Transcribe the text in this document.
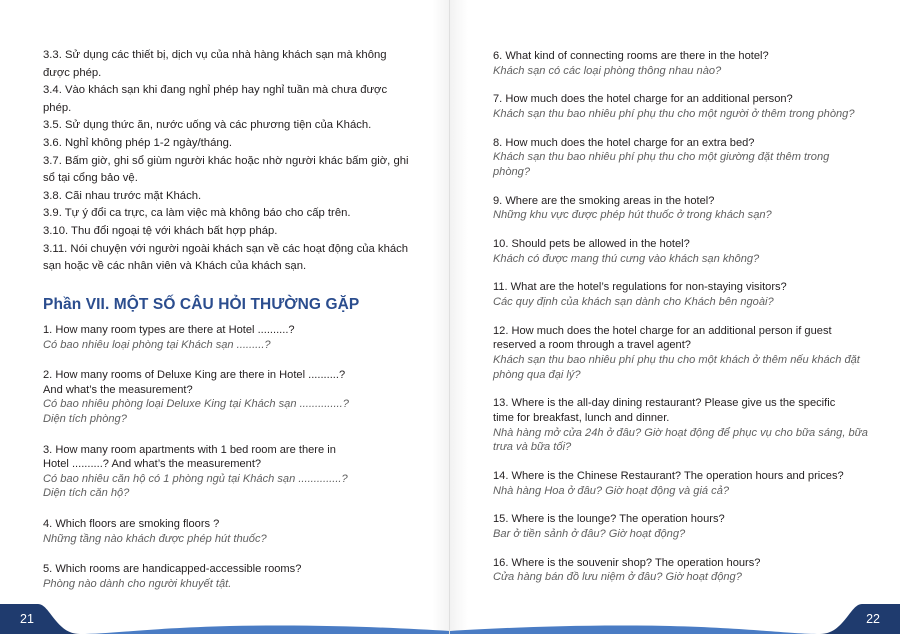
3.3. Sử dụng các thiết bị, dịch vụ của nhà hàng khách sạn mà không được phép.

3.4. Vào khách sạn khi đang nghỉ phép hay nghỉ tuần mà chưa được phép.

3.5. Sử dụng thức ăn, nước uống và các phương tiện của Khách.

3.6. Nghỉ không phép 1-2 ngày/tháng.

3.7. Bấm giờ, ghi sổ giùm người khác hoặc nhờ người khác bấm giờ, ghi sổ tại cổng bảo vệ.

3.8. Cãi nhau trước mặt Khách.

3.9. Tự ý đổi ca trực, ca làm việc mà không báo cho cấp trên.

3.10. Thu đổi ngoại tệ với khách bất hợp pháp.

3.11. Nói chuyện với người ngoài khách sạn về các hoạt động của khách sạn hoặc về các nhân viên và Khách của khách sạn.

Phần VII. MỘT SỐ CÂU HỎI THƯỜNG GẶP
1. How many room types are there at Hotel ..........?
Có bao nhiêu loại phòng tại Khách sạn .........?
2. How many rooms of Deluxe King are there in Hotel ..........?
And what’s the measurement?
Có bao nhiêu phòng loại Deluxe King tại Khách sạn ..............?
Diện tích phòng?
3. How many room apartments with 1 bed room are there in
Hotel ..........? And what’s the measurement?
Có bao nhiêu căn hộ có 1 phòng ngủ tại Khách sạn ..............?
Diện tích căn hộ?
4. Which floors are smoking floors ?
Những tầng nào khách được phép hút thuốc?
5. Which rooms are handicapped-accessible rooms?
Phòng nào dành cho người khuyết tật.
21
6. What kind of connecting rooms are there in the hotel?
Khách sạn có các loại phòng thông nhau nào?
7. How much does the hotel charge for an additional person?
Khách sạn thu bao nhiêu phí phụ thu cho một người ở thêm trong phòng?
8. How much does the hotel charge for an extra bed?
Khách sạn thu bao nhiêu phí phụ thu cho một giường đặt thêm trong phòng?
9. Where are the smoking areas in the hotel?
Những khu vực được phép hút thuốc ở trong khách sạn?
10. Should pets be allowed in the hotel?
Khách có được mang thú cưng vào khách sạn không?
11. What are the hotel’s regulations for non-staying visitors?
Các quy định của khách sạn dành cho Khách bên ngoài?
12. How much does the hotel charge for an additional person if guest
reserved a room through a travel agent?
Khách sạn thu bao nhiêu phí phụ thu cho một khách ở thêm nếu khách đặt
phòng qua đại lý?
13. Where is the all-day dining restaurant? Please give us the specific
time for breakfast, lunch and dinner.
Nhà hàng mở cửa 24h ở đâu? Giờ hoạt động để phục vụ cho bữa sáng, bữa
trưa và bữa tối?
14. Where is the Chinese Restaurant? The operation hours and prices?
Nhà hàng Hoa ở đâu? Giờ hoạt động và giá cả?
15. Where is the lounge? The operation hours?
Bar ở tiền sảnh ở đâu? Giờ hoạt động?
16. Where is the souvenir shop? The operation hours?
Cửa hàng bán đồ lưu niệm ở đâu? Giờ hoạt động?
22
